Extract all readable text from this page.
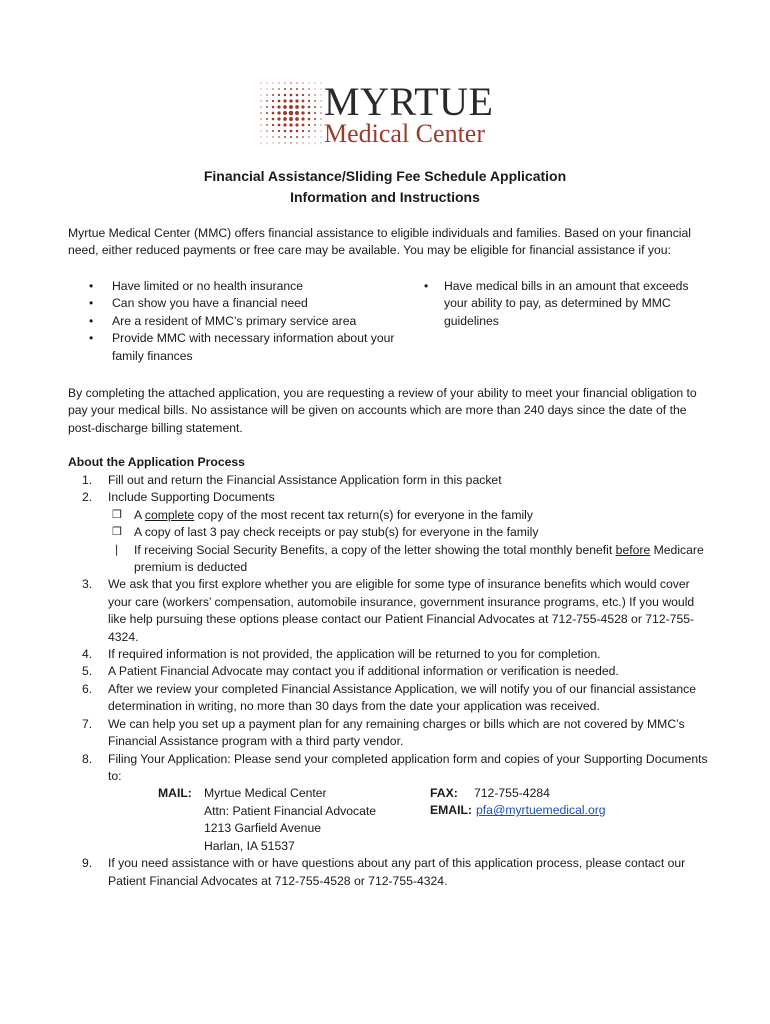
MYRTUE
Medical Center
Financial Assistance/Sliding Fee Schedule Application
Information and Instructions
Myrtue Medical Center (MMC) offers financial assistance to eligible individuals and families. Based on your financial need, either reduced payments or free care may be available. You may be eligible for financial assistance if you:
• Have limited or no health insurance
• Can show you have a financial need
• Are a resident of MMC’s primary service area
• Provide MMC with necessary information about your family finances
• Have medical bills in an amount that exceeds your ability to pay, as determined by MMC guidelines
By completing the attached application, you are requesting a review of your ability to meet your financial obligation to pay your medical bills. No assistance will be given on accounts which are more than 240 days since the date of the post-discharge billing statement.
About the Application Process
1. Fill out and return the Financial Assistance Application form in this packet
2. Include Supporting Documents
❒ A complete copy of the most recent tax return(s) for everyone in the family
❒ A copy of last 3 pay check receipts or pay stub(s) for everyone in the family
❘ If receiving Social Security Benefits, a copy of the letter showing the total monthly benefit before Medicare premium is deducted
3. We ask that you first explore whether you are eligible for some type of insurance benefits which would cover your care (workers’ compensation, automobile insurance, government insurance programs, etc.) If you would like help pursuing these options please contact our Patient Financial Advocates at 712-755-4528 or 712-755-4324.
4. If required information is not provided, the application will be returned to you for completion.
5. A Patient Financial Advocate may contact you if additional information or verification is needed.
6. After we review your completed Financial Assistance Application, we will notify you of our financial assistance determination in writing, no more than 30 days from the date your application was received.
7. We can help you set up a payment plan for any remaining charges or bills which are not covered by MMC’s Financial Assistance program with a third party vendor.
8. Filing Your Application: Please send your completed application form and copies of your Supporting Documents to:
MAIL: Myrtue Medical Center
Attn: Patient Financial Advocate
1213 Garfield Avenue
Harlan, IA 51537
FAX: 712-755-4284
EMAIL: pfa@myrtuemedical.org
9. If you need assistance with or have questions about any part of this application process, please contact our Patient Financial Advocates at 712-755-4528 or 712-755-4324.
